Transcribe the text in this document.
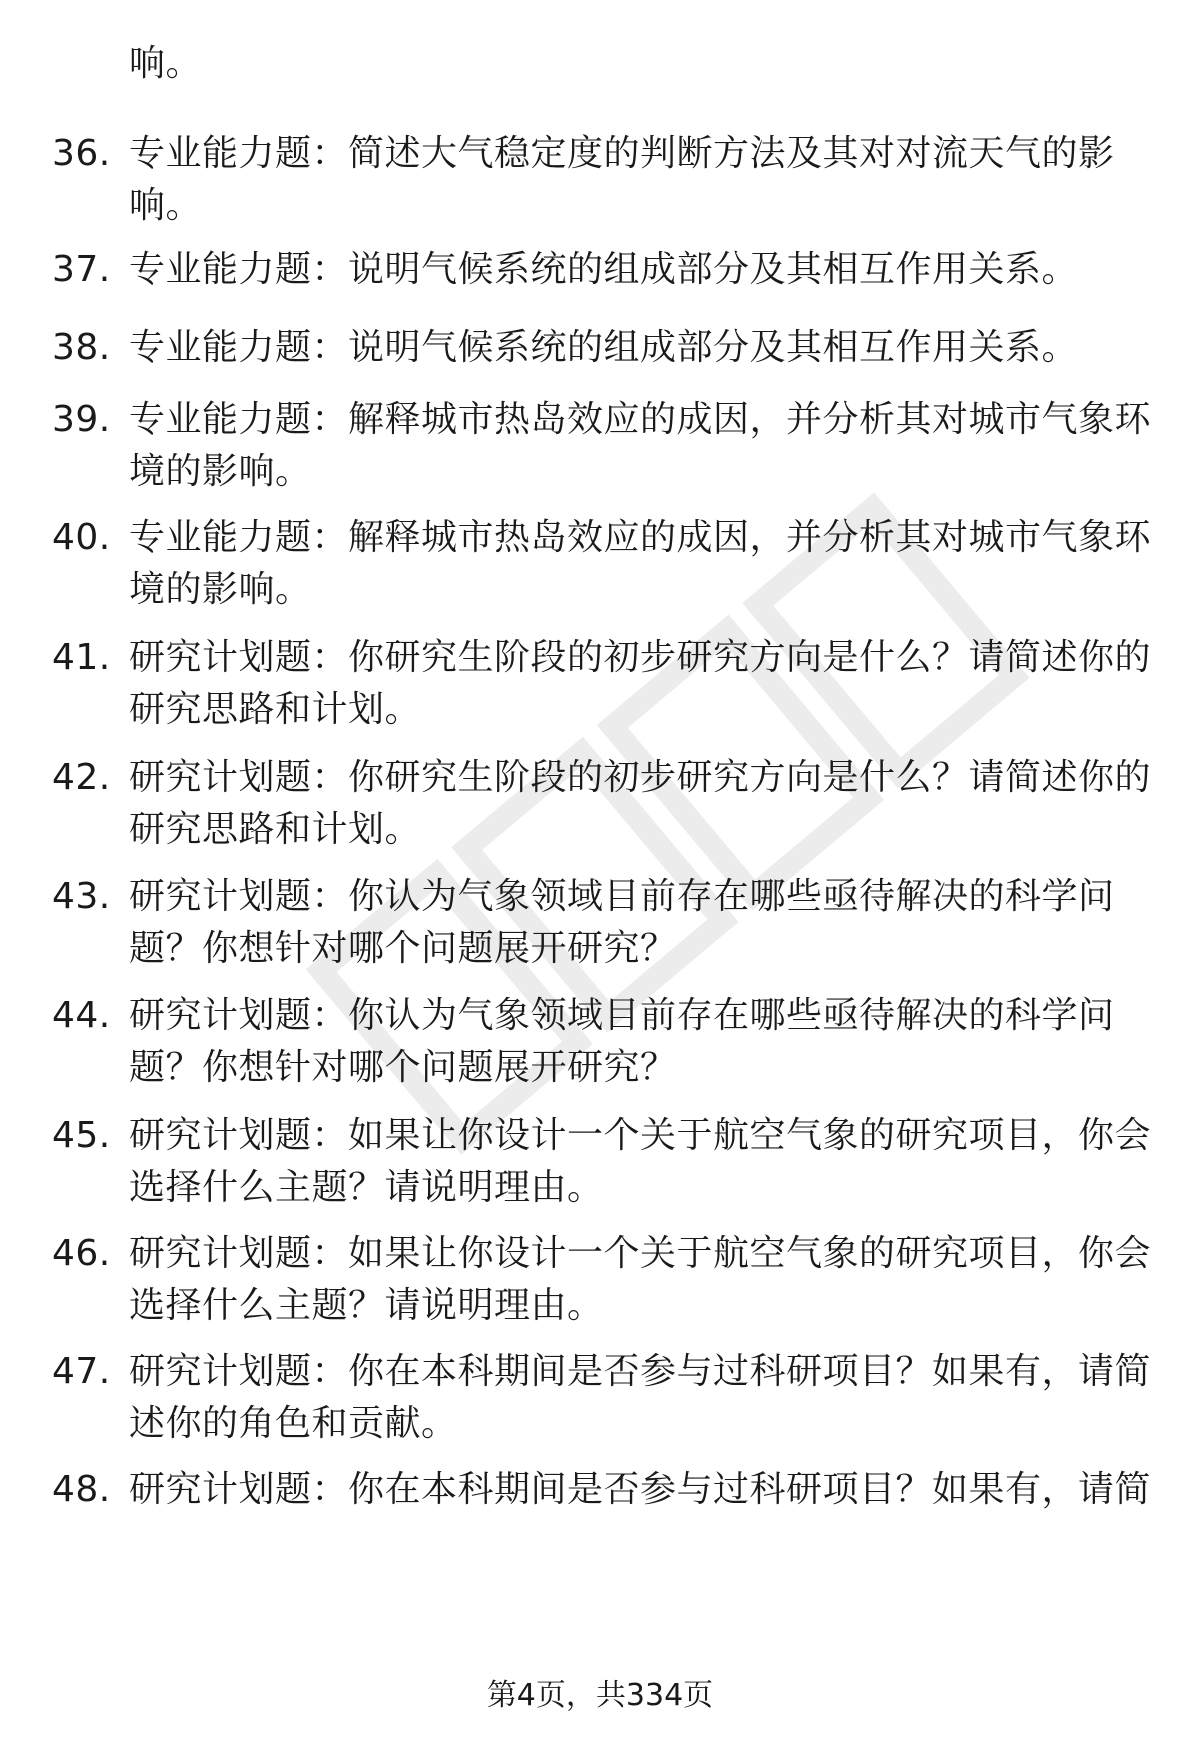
响。
36. 专业能力题：简述大气稳定度的判断方法及其对对流天气的影
响。
37. 专业能力题：说明气候系统的组成部分及其相互作用关系。
38. 专业能力题：说明气候系统的组成部分及其相互作用关系。
39. 专业能力题：解释城市热岛效应的成因，并分析其对城市气象环
境的影响。
40. 专业能力题：解释城市热岛效应的成因，并分析其对城市气象环
境的影响。
41. 研究计划题：你研究生阶段的初步研究方向是什么？请简述你的
研究思路和计划。
42. 研究计划题：你研究生阶段的初步研究方向是什么？请简述你的
研究思路和计划。
43. 研究计划题：你认为气象领域目前存在哪些亟待解决的科学问
题？你想针对哪个问题展开研究？
44. 研究计划题：你认为气象领域目前存在哪些亟待解决的科学问
题？你想针对哪个问题展开研究？
45. 研究计划题：如果让你设计一个关于航空气象的研究项目，你会
选择什么主题？请说明理由。
46. 研究计划题：如果让你设计一个关于航空气象的研究项目，你会
选择什么主题？请说明理由。
47. 研究计划题：你在本科期间是否参与过科研项目？如果有，请简
述你的角色和贡献。
48. 研究计划题：你在本科期间是否参与过科研项目？如果有，请简
第4页，共334页
